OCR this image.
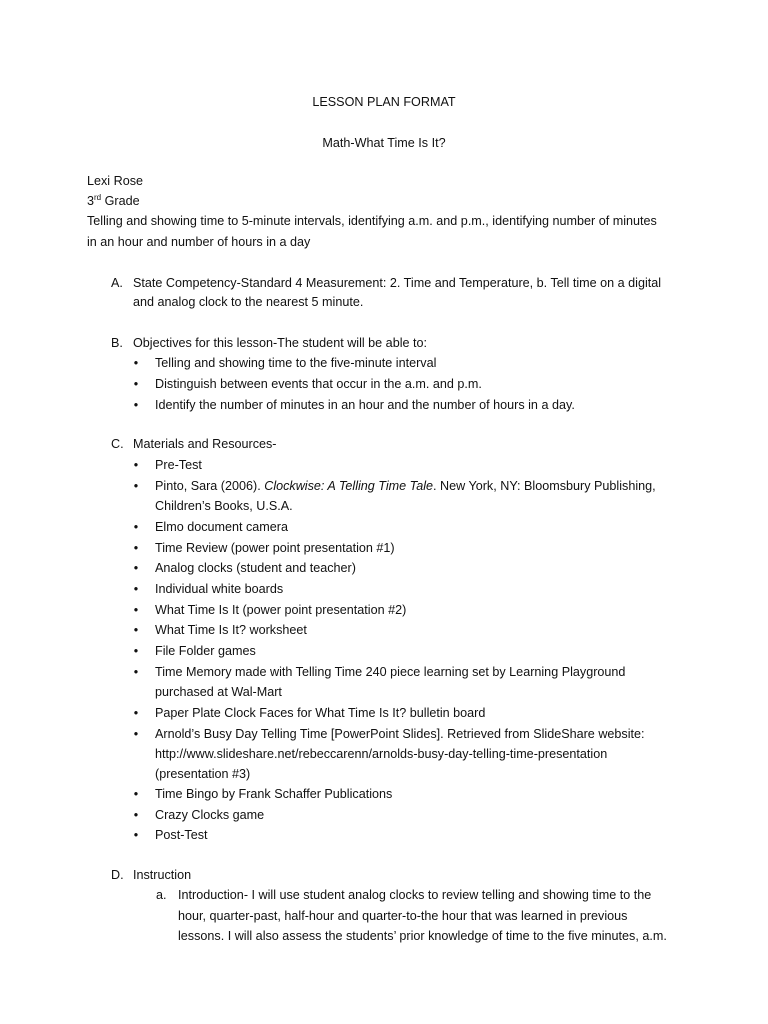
LESSON PLAN FORMAT
Math-What Time Is It?
Lexi Rose
3rd Grade
Telling and showing time to 5-minute intervals, identifying a.m. and p.m., identifying number of minutes
in an hour and number of hours in a day
A. State Competency-Standard 4 Measurement: 2. Time and Temperature, b. Tell time on a digital
and analog clock to the nearest 5 minute.
B. Objectives for this lesson-The student will be able to:
• Telling and showing time to the five-minute interval
• Distinguish between events that occur in the a.m. and p.m.
• Identify the number of minutes in an hour and the number of hours in a day.
C. Materials and Resources-
• Pre-Test
• Pinto, Sara (2006). Clockwise: A Telling Time Tale. New York, NY: Bloomsbury Publishing,
Children’s Books, U.S.A.
• Elmo document camera
• Time Review (power point presentation #1)
• Analog clocks (student and teacher)
• Individual white boards
• What Time Is It (power point presentation #2)
• What Time Is It? worksheet
• File Folder games
• Time Memory made with Telling Time 240 piece learning set by Learning Playground
purchased at Wal-Mart
• Paper Plate Clock Faces for What Time Is It? bulletin board
• Arnold’s Busy Day Telling Time [PowerPoint Slides]. Retrieved from SlideShare website:
http://www.slideshare.net/rebeccarenn/arnolds-busy-day-telling-time-presentation
(presentation #3)
• Time Bingo by Frank Schaffer Publications
• Crazy Clocks game
• Post-Test
D. Instruction
a. Introduction- I will use student analog clocks to review telling and showing time to the
hour, quarter-past, half-hour and quarter-to-the hour that was learned in previous
lessons. I will also assess the students’ prior knowledge of time to the five minutes, a.m.
